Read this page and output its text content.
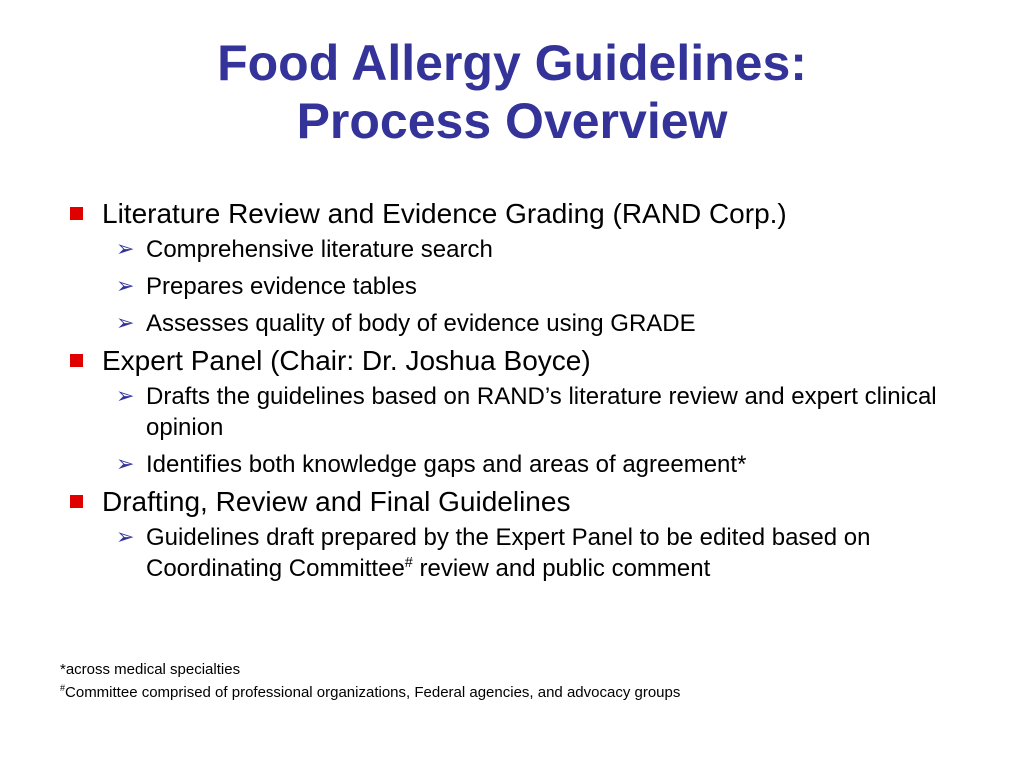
Food Allergy Guidelines:
Process Overview
Literature Review and Evidence Grading (RAND Corp.)
➢ Comprehensive literature search
➢ Prepares evidence tables
➢ Assesses quality of body of evidence using GRADE
Expert Panel (Chair: Dr. Joshua Boyce)
➢ Drafts the guidelines based on RAND’s literature review and expert clinical opinion
➢ Identifies both knowledge gaps and areas of agreement*
Drafting, Review and Final Guidelines
➢ Guidelines draft prepared by the Expert Panel to be edited based on Coordinating Committee# review and public comment
*across medical specialties
#Committee comprised of professional organizations, Federal agencies, and advocacy groups
